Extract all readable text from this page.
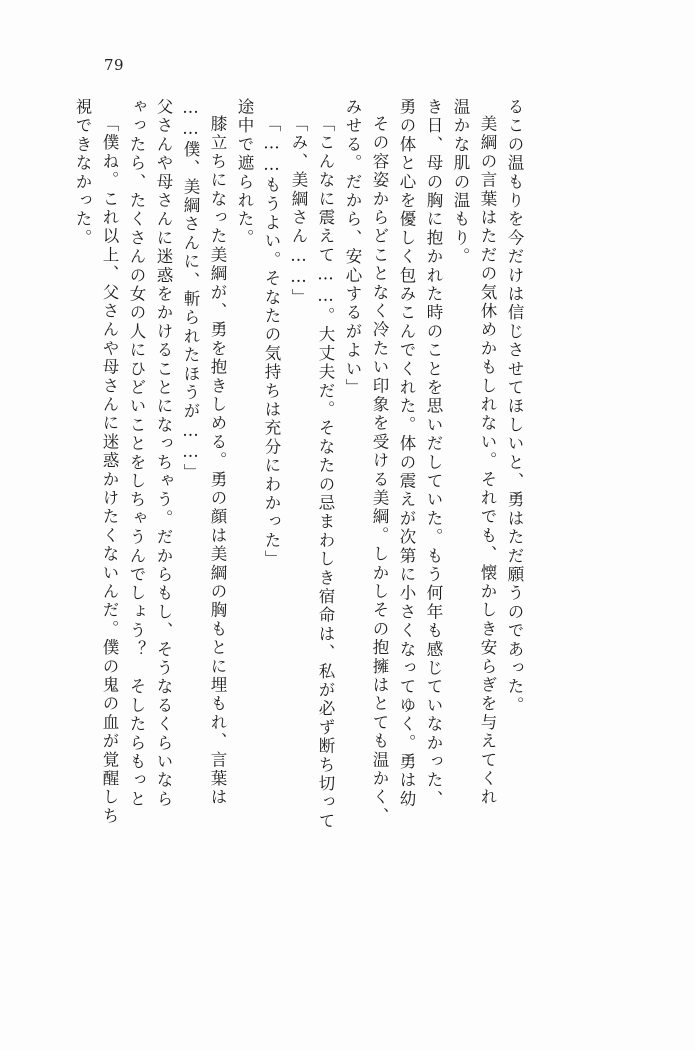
79
視できなかった。 「僕ね。これ以上、父さんや母さんに迷惑かけたくないんだ。僕の鬼の血が覚醒しち ゃったら、たくさんの女の人にひどいことをしちゃうんでしょう？　そしたらもっと 父さんや母さんに迷惑をかけることになっちゃう。だからもし、そうなるくらいなら ……僕、美綱さんに、斬られたほうが……」 膝立ちになった美綱が、勇を抱きしめる。勇の顔は美綱の胸もとに埋もれ、言葉は 途中で遮られた。 「……もうよい。そなたの気持ちは充分にわかった」 「み、美綱さん……」 「こんなに震えて……。大丈夫だ。そなたの忌まわしき宿命は、私が必ず断ち切って みせる。だから、安心するがよい」 その容姿からどことなく冷たい印象を受ける美綱。しかしその抱擁はとても温かく、 勇の体と心を優しく包みこんでくれた。体の震えが次第に小さくなってゆく。勇は幼 き日、母の胸に抱かれた時のことを思いだしていた。もう何年も感じていなかった、 温かな肌の温もり。 美綱の言葉はただの気休めかもしれない。それでも、懐かしき安らぎを与えてくれ るこの温もりを今だけは信じさせてほしいと、勇はただ願うのであった。
